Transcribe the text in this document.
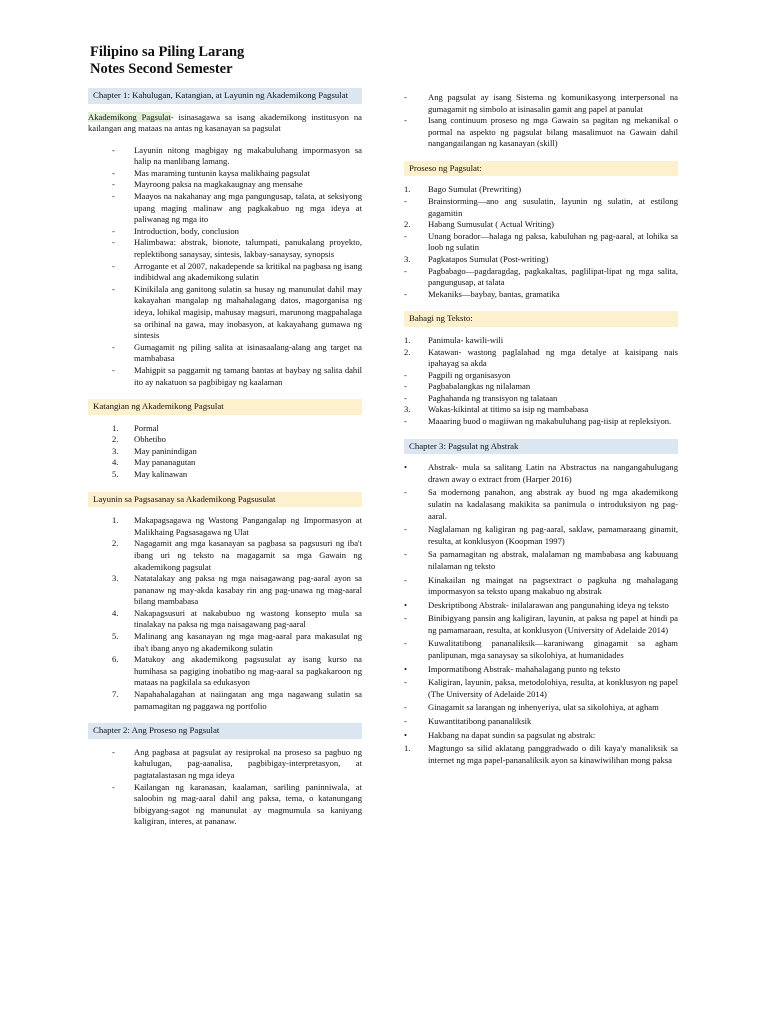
Filipino sa Piling Larang
Notes Second Semester
Chapter 1: Kahulugan, Katangian, at Layunin ng Akademikong Pagsulat

Akademikong Pagsulat- isinasagawa sa isang akademikong institusyon na kailangan ang mataas na antas ng kasanayan sa pagsulat

- Layunin nitong magbigay ng makabuluhang impormasyon sa halip na manlibang lamang.
- Mas maraming tuntunin kaysa malikhaing pagsulat
- Mayroong paksa na magkakaugnay ang mensahe
- Maayos na nakahanay ang mga pangungusap, talata, at seksiyong upang maging malinaw ang pagkakabuo ng mga ideya at paliwanag ng mga ito
- Introduction, body, conclusion
- Halimbawa: abstrak, bionote, talumpati, panukalang proyekto, replektibong sanaysay, sintesis, lakbay-sanaysay, synopsis
- Arrogante et al 2007, nakadepende sa kritikal na pagbasa ng isang indibidwal ang akademikong sulatin
- Kinikilala ang ganitong sulatin sa husay ng manunulat dahil may kakayahan mangalap ng mahahalagang datos, magorganisa ng ideya, lohikal magisip, mahusay magsuri, marunong magpahalaga sa orihinal na gawa, may inobasyon, at kakayahang gumawa ng sintesis
- Gumagamit ng piling salita at isinasaalang-alang ang target na mambabasa
- Mahigpit sa paggamit ng tamang bantas at baybay ng salita dahil ito ay nakatuon sa pagbibigay ng kaalaman
Katangian ng Akademikong Pagsulat
1. Pormal
2. Obhetibo
3. May paninindigan
4. May pananagutan
5. May kalinawan
Layunin sa Pagsasanay sa Akademikong Pagsusulat
1. Makapagsagawa ng Wastong Pangangalap ng Impormasyon at Malikhaing Pagsasagawa ng Ulat
2. Nagagamit ang mga kasanayan sa pagbasa sa pagsusuri ng iba't ibang uri ng teksto na magagamit sa mga Gawain ng akademikong pagsulat
3. Natatalakay ang paksa ng mga naisagawang pag-aaral ayon sa pananaw ng may-akda kasabay rin ang pag-unawa ng mag-aaral bilang mambabasa
4. Nakapagsusuri at nakabubuo ng wastong konsepto mula sa tinalakay na paksa ng mga naisagawang pag-aaral
5. Malinang ang kasanayan ng mga mag-aaral para makasulat ng iba't ibang anyo ng akademikong sulatin
6. Matukoy ang akademikong pagsusulat ay isang kurso na humihasa sa pagiging inobatibo ng mag-aaral sa pagkakaroon ng mataas na pagkilala sa edukasyon
7. Napahahalagahan at naiingatan ang mga nagawang sulatin sa pamamagitan ng paggawa ng portfolio
Chapter 2: Ang Proseso ng Pagsulat
- Ang pagbasa at pagsulat ay resiprokal na proseso sa pagbuo ng kahulugan, pag-aanalisa, pagbibigay-interpretasyon, at pagtatalastasan ng mga ideya
- Kailangan ng karanasan, kaalaman, sariling paninniwala, at saloobin ng mag-aaral dahil ang paksa, tema, o katanungang bibigyang-sagot ng manunulat ay magmumula sa kaniyang kaligiran, interes, at pananaw.
- Ang pagsulat ay isang Sistema ng komunikasyong interpersonal na gumagamit ng simbolo at isinasalin gamit ang papel at panulat
- Isang continuum proseso ng mga Gawain sa pagitan ng mekanikal o pormal na aspekto ng pagsulat bilang masalimuot na Gawain dahil nangangailangan ng kasanayan (skill)
Proseso ng Pagsulat:
1. Bago Sumulat (Prewriting)
- Brainstorming—ano ang susulatin, layunin ng sulatin, at estilong gagamitin
2. Habang Sumusulat ( Actual Writing)
- Unang borador—halaga ng paksa, kabuluhan ng pag-aaral, at lohika sa loob ng sulatin
3. Pagkatapos Sumulat (Post-writing)
- Pagbabago—pagdaragdag, pagkakaltas, paglilipat-lipat ng mga salita, pangungusap, at talata
- Mekaniks—baybay, bantas, gramatika
Bahagi ng Teksto:
1. Panimula- kawili-wili
2. Katawan- wastong paglalahad ng mga detalye at kaisipang nais ipahayag sa akda
- Pagpili ng organisasyon
- Pagbabalangkas ng nilalaman
- Paghahanda ng transisyon ng talataan
3. Wakas-kikintal at titimo sa isip ng mambabasa
- Maaaring buod o magiiwan ng makabuluhang pag-iisip at repleksiyon.
Chapter 3: Pagsulat ng Abstrak
• Abstrak- mula sa salitang Latin na Abstractus na nangangahulugang drawn away o extract from (Harper 2016)
- Sa modernong panahon, ang abstrak ay buod ng mga akademikong sulatin na kadalasang makikita sa panimula o introduksiyon ng pag-aaral.
- Naglalaman ng kaligiran ng pag-aaral, saklaw, pamamaraang ginamit, resulta, at konklusyon (Koopman 1997)
- Sa pamamagitan ng abstrak, malalaman ng mambabasa ang kabuuang nilalaman ng teksto
- Kinakailan ng maingat na pagsextract o pagkuha ng mahalagang impormasyon sa teksto upang makabuo ng abstrak
• Deskriptibong Abstrak- inilalarawan ang pangunahing ideya ng teksto
- Binibigyang pansin ang kaligiran, layunin, at paksa ng papel at hindi pa ng pamamaraan, resulta, at konklusyon (University of Adelaide 2014)
- Kuwalitatibong pananaliksik—karaniwang ginagamit sa agham panlipunan, mga sanaysay sa sikolohiya, at humanidades
• Impormatibong Abstrak- mahahalagang punto ng teksto
- Kaligiran, layunin, paksa, metodolohiya, resulta, at konklusyon ng papel (The University of Adelaide 2014)
- Ginagamit sa larangan ng inhenyeriya, ulat sa sikolohiya, at agham
- Kuwantitatibong pananaliksik
• Hakbang na dapat sundin sa pagsulat ng abstrak:
1. Magtungo sa silid aklatang panggradwado o dili kaya'y manaliksik sa internet ng mga papel-pananaliksik ayon sa kinawiwilihan mong paksa
